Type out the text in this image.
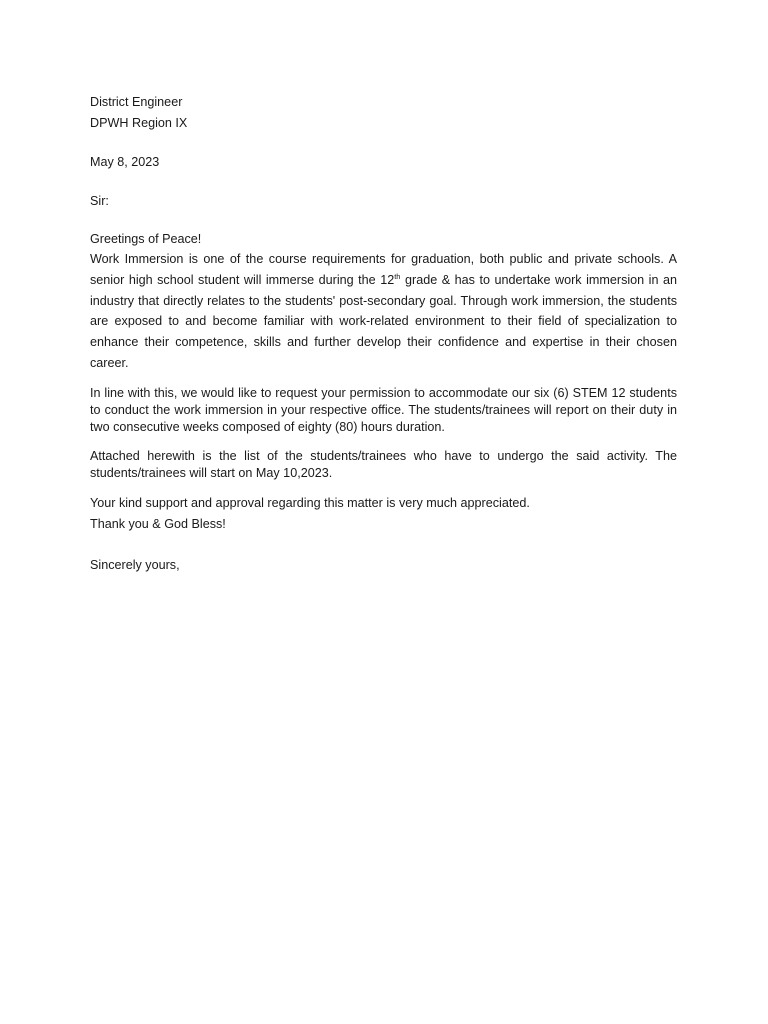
District Engineer
DPWH Region IX
May 8, 2023
Sir:
Greetings of Peace!

Work Immersion is one of the course requirements for graduation, both public and private schools. A senior high school student will immerse during the 12th grade & has to undertake work immersion in an industry that directly relates to the students' post-secondary goal. Through work immersion, the students are exposed to and become familiar with work-related environment to their field of specialization to enhance their competence, skills and further develop their confidence and expertise in their chosen career.

In line with this, we would like to request your permission to accommodate our six (6) STEM 12 students to conduct the work immersion in your respective office. The students/trainees will report on their duty in two consecutive weeks composed of eighty (80) hours duration.

Attached herewith is the list of the students/trainees who have to undergo the said activity. The students/trainees will start on May 10,2023.

Your kind support and approval regarding this matter is very much appreciated.
Thank you & God Bless!
Sincerely yours,
